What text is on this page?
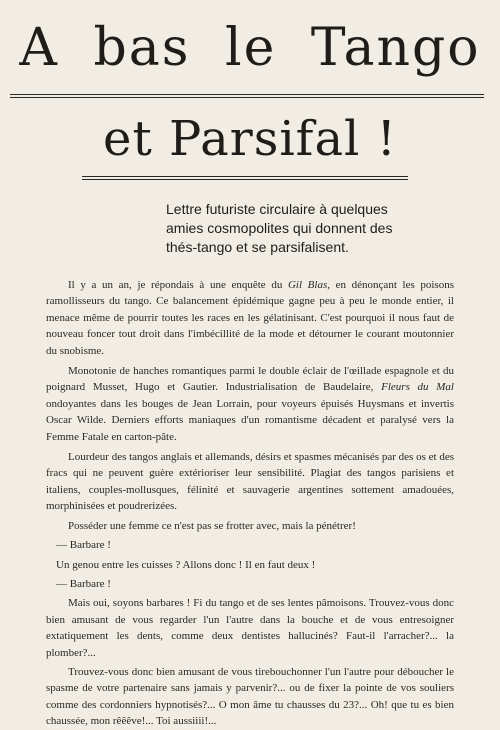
A bas le Tango
et Parsifal !
Lettre futuriste circulaire à quelques
amies cosmopolites qui donnent des
thés-tango et se parsifalisent.

Il y a un an, je répondais à une enquête du Gil Blas, en dénonçant les poisons ramollisseurs du tango. Ce balancement épidémique gagne peu à peu le monde entier, il menace même de pourrir toutes les races en les gélatinisant. C'est pourquoi il nous faut de nouveau foncer tout droit dans l'imbécillité de la mode et détourner le courant moutonnier du snobisme.

Monotonie de hanches romantiques parmi le double éclair de l'œillade espagnole et du poignard Musset, Hugo et Gautier. Industrialisation de Baudelaire, Fleurs du Mal ondoyantes dans les bouges de Jean Lorrain, pour voyeurs épuisés Huysmans et invertis Oscar Wilde. Derniers efforts maniaques d'un romantisme décadent et paralysé vers la Femme Fatale en carton-pâte.

Lourdeur des tangos anglais et allemands, désirs et spasmes mécanisés par des os et des fracs qui ne peuvent guère extérioriser leur sensibilité. Plagiat des tangos parisiens et italiens, couples-mollusques, félinité et sauvagerie argentines sottement amadouées, morphinisées et poudrerizées.

Posséder une femme ce n'est pas se frotter avec, mais la pénétrer!

— Barbare !

Un genou entre les cuisses ? Allons donc ! Il en faut deux !

— Barbare !

Mais oui, soyons barbares ! Fi du tango et de ses lentes pâmoisons. Trouvez-vous donc bien amusant de vous regarder l'un l'autre dans la bouche et de vous entresoigner extatiquement les dents, comme deux dentistes hallucinés? Faut-il l'arracher?... la plomber?...

Trouvez-vous donc bien amusant de vous tirebouchonner l'un l'autre pour déboucher le spasme de votre partenaire sans jamais y parvenir?... ou de fixer la pointe de vos souliers comme des cordonniers hypnotisés?... O mon âme tu chausses du 23?... Oh! que tu es bien chaussée, mon rêêêve!... Toi aussiiii!...
